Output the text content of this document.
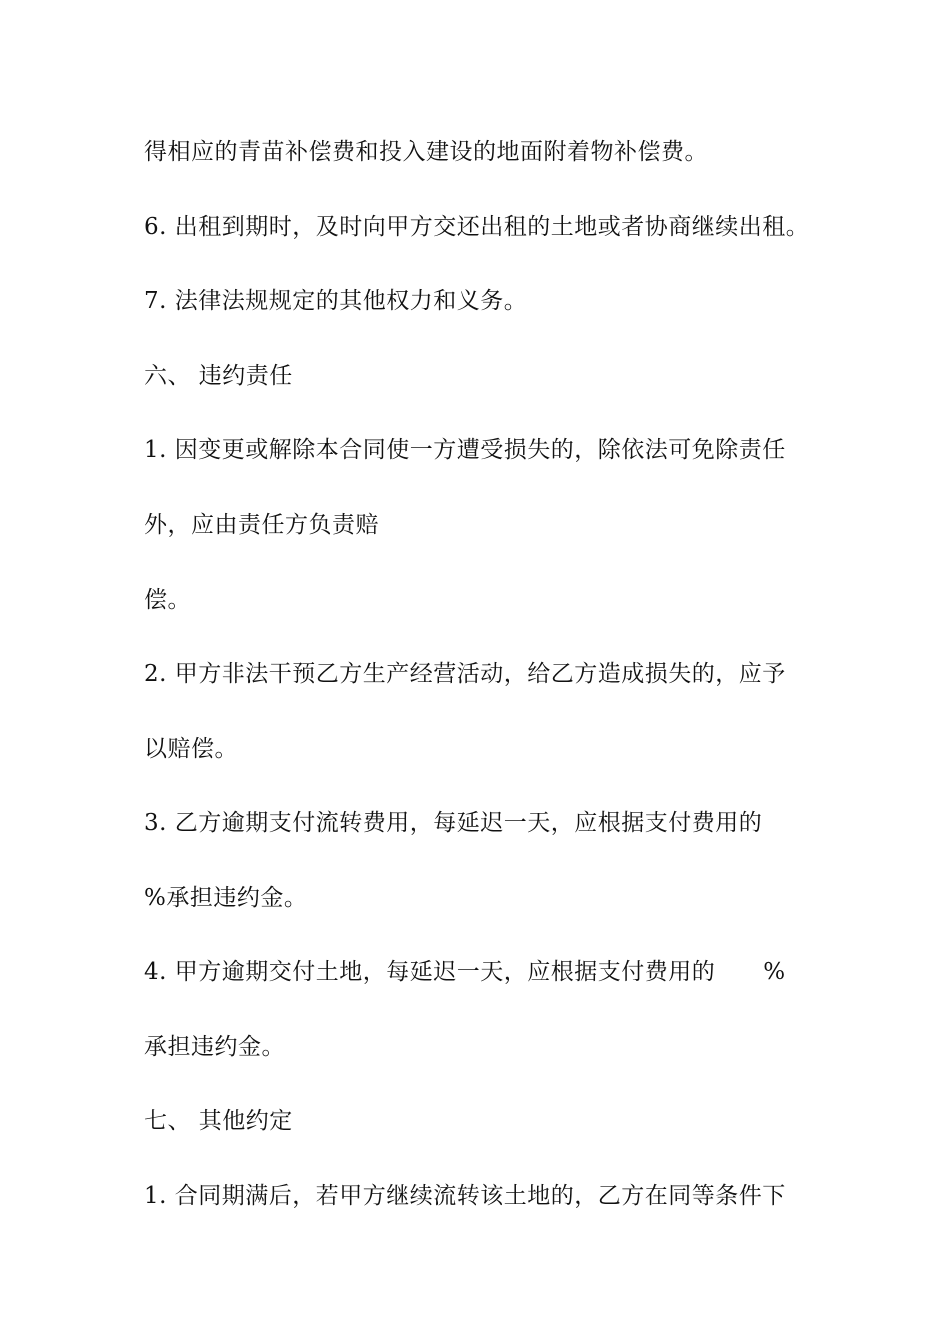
得相应的青苗补偿费和投入建设的地面附着物补偿费。
6. 出租到期时，及时向甲方交还出租的土地或者协商继续出租。
7. 法律法规规定的其他权力和义务。
六、 违约责任
1. 因变更或解除本合同使一方遭受损失的，除依法可免除责任
外，应由责任方负责赔
偿。
2. 甲方非法干预乙方生产经营活动，给乙方造成损失的，应予
以赔偿。
3. 乙方逾期支付流转费用，每延迟一天，应根据支付费用的
%承担违约金。
4. 甲方逾期交付土地，每延迟一天，应根据支付费用的 %
承担违约金。
七、 其他约定
1. 合同期满后，若甲方继续流转该土地的，乙方在同等条件下
